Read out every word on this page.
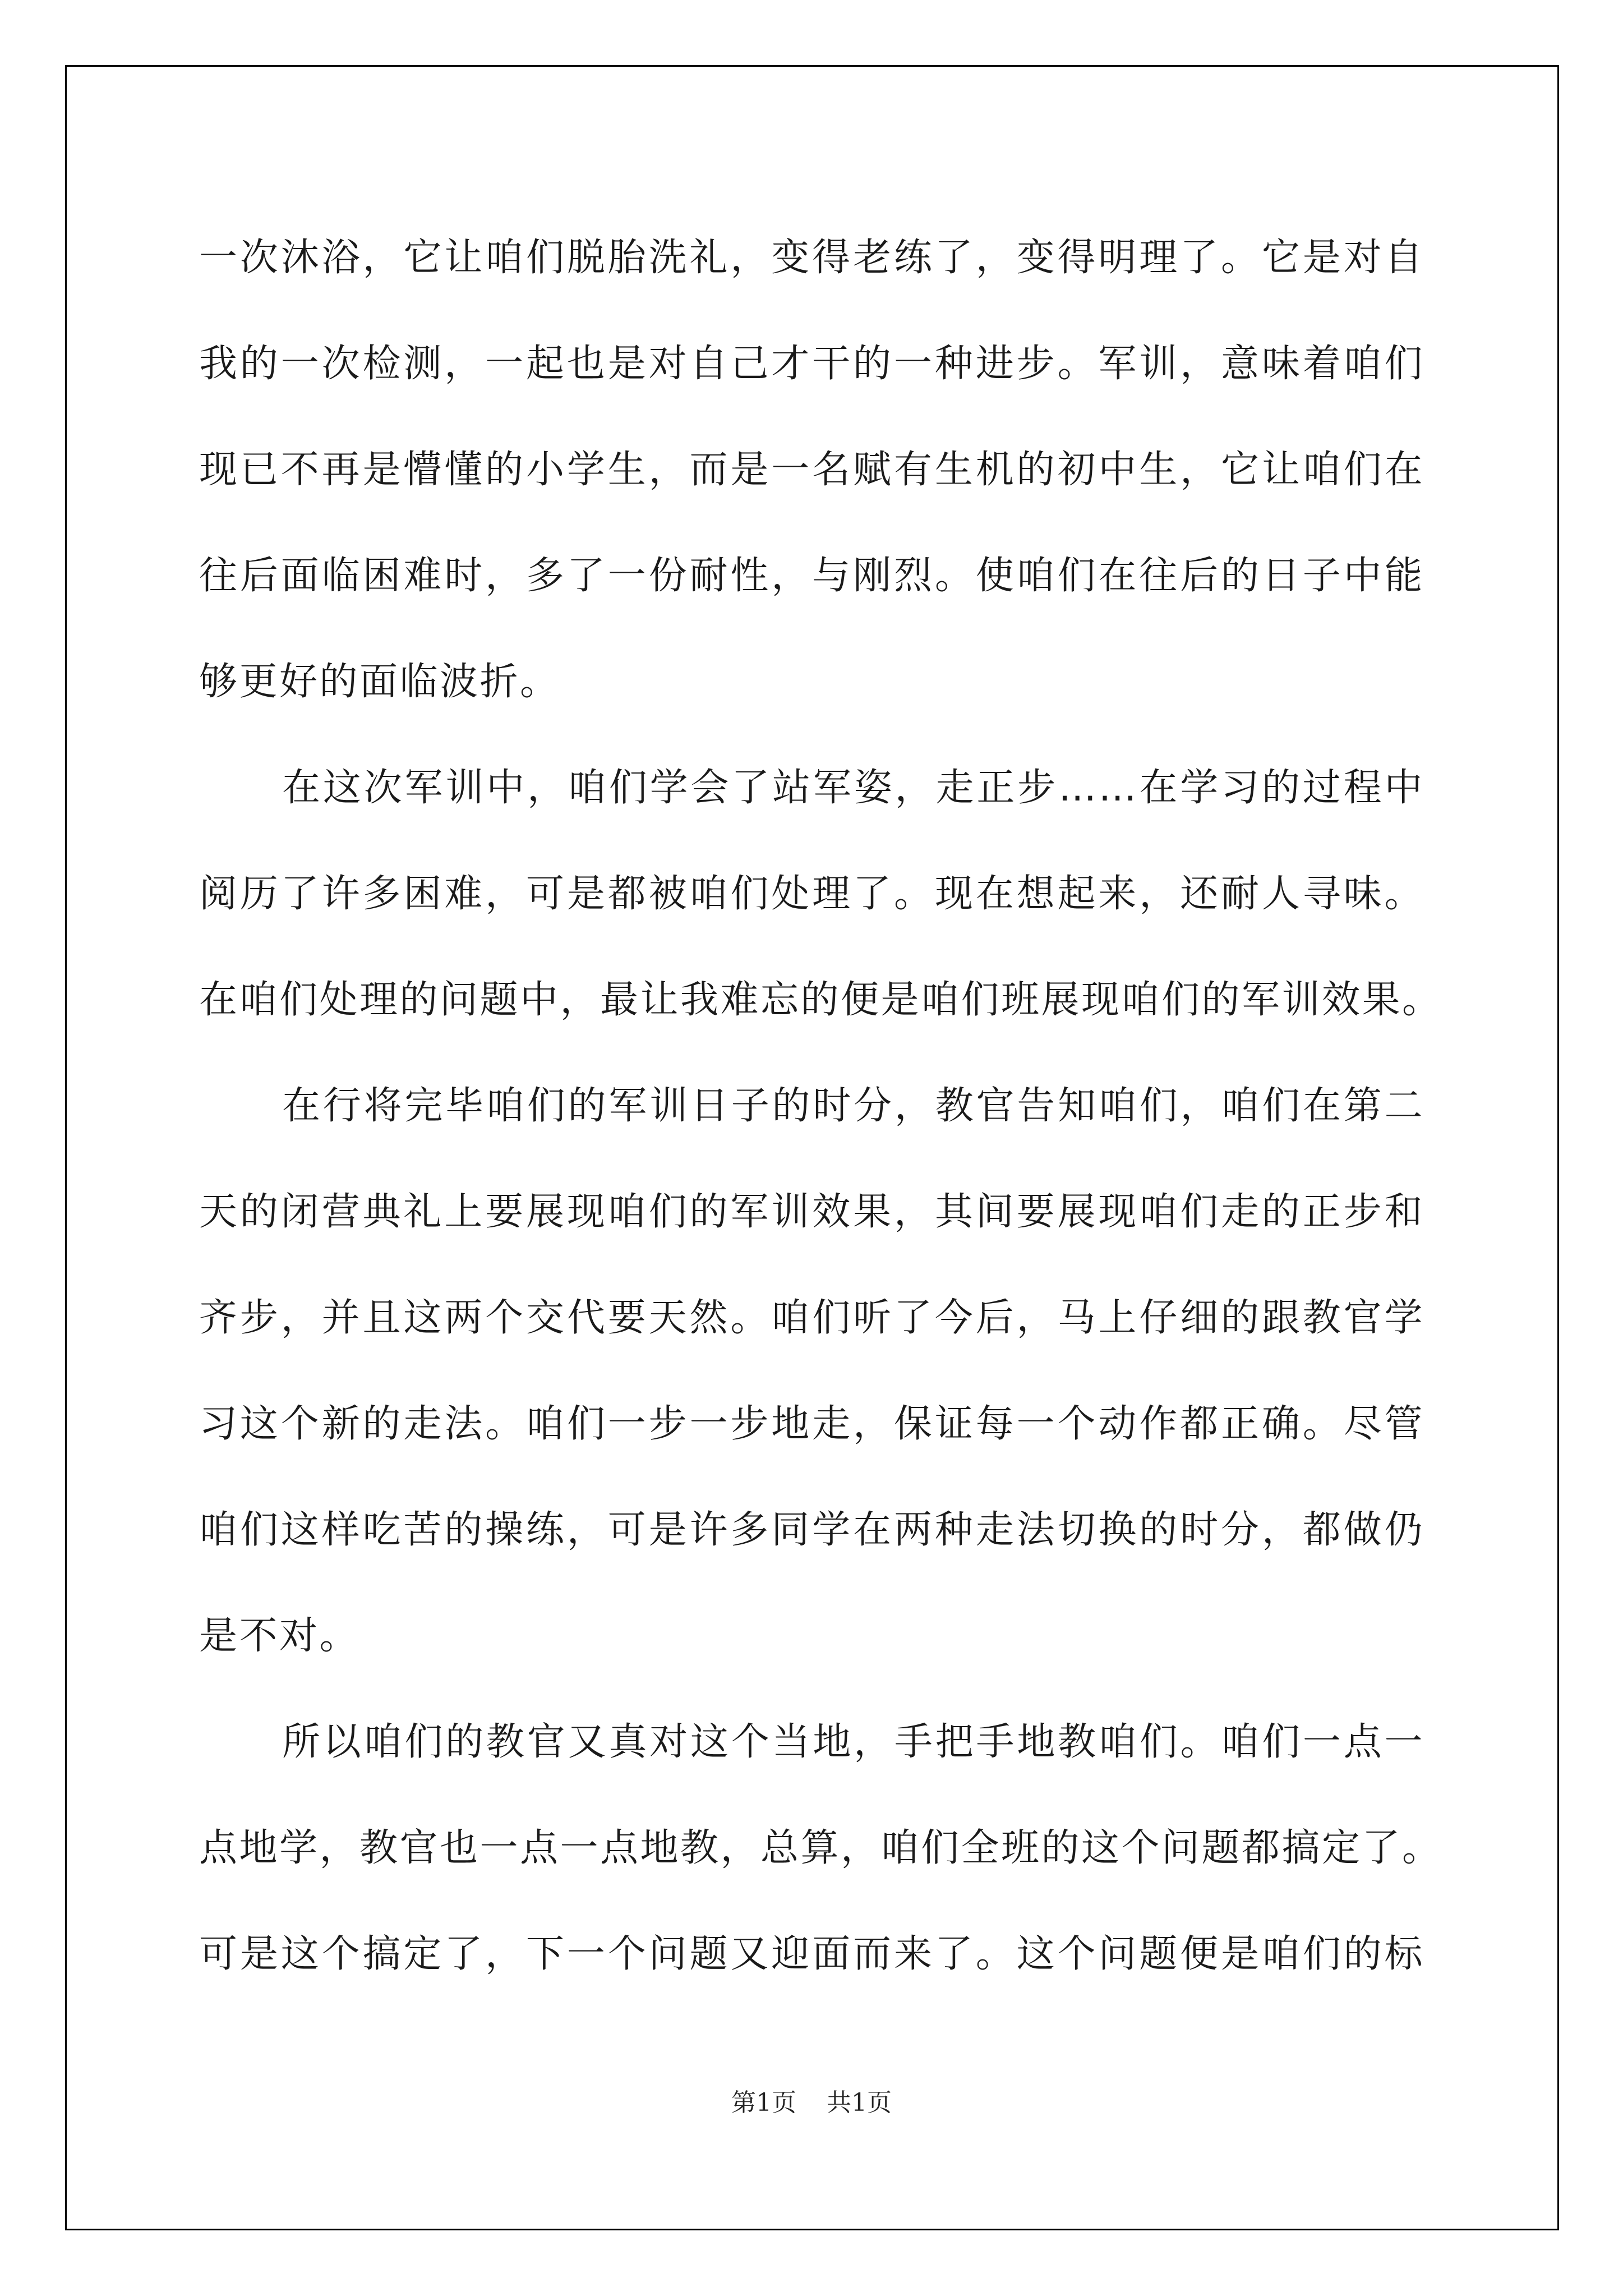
一次沐浴，它让咱们脱胎洗礼，变得老练了，变得明理了。它是对自
我的一次检测，一起也是对自己才干的一种进步。军训，意味着咱们
现已不再是懵懂的小学生，而是一名赋有生机的初中生，它让咱们在
往后面临困难时，多了一份耐性，与刚烈。使咱们在往后的日子中能
够更好的面临波折。
在这次军训中，咱们学会了站军姿，走正步……在学习的过程中
阅历了许多困难，可是都被咱们处理了。现在想起来，还耐人寻味。
在咱们处理的问题中，最让我难忘的便是咱们班展现咱们的军训效果。
在行将完毕咱们的军训日子的时分，教官告知咱们，咱们在第二
天的闭营典礼上要展现咱们的军训效果，其间要展现咱们走的正步和
齐步，并且这两个交代要天然。咱们听了今后，马上仔细的跟教官学
习这个新的走法。咱们一步一步地走，保证每一个动作都正确。尽管
咱们这样吃苦的操练，可是许多同学在两种走法切换的时分，都做仍
是不对。
所以咱们的教官又真对这个当地，手把手地教咱们。咱们一点一
点地学，教官也一点一点地教，总算，咱们全班的这个问题都搞定了。
可是这个搞定了，下一个问题又迎面而来了。这个问题便是咱们的标
第1页 共1页
